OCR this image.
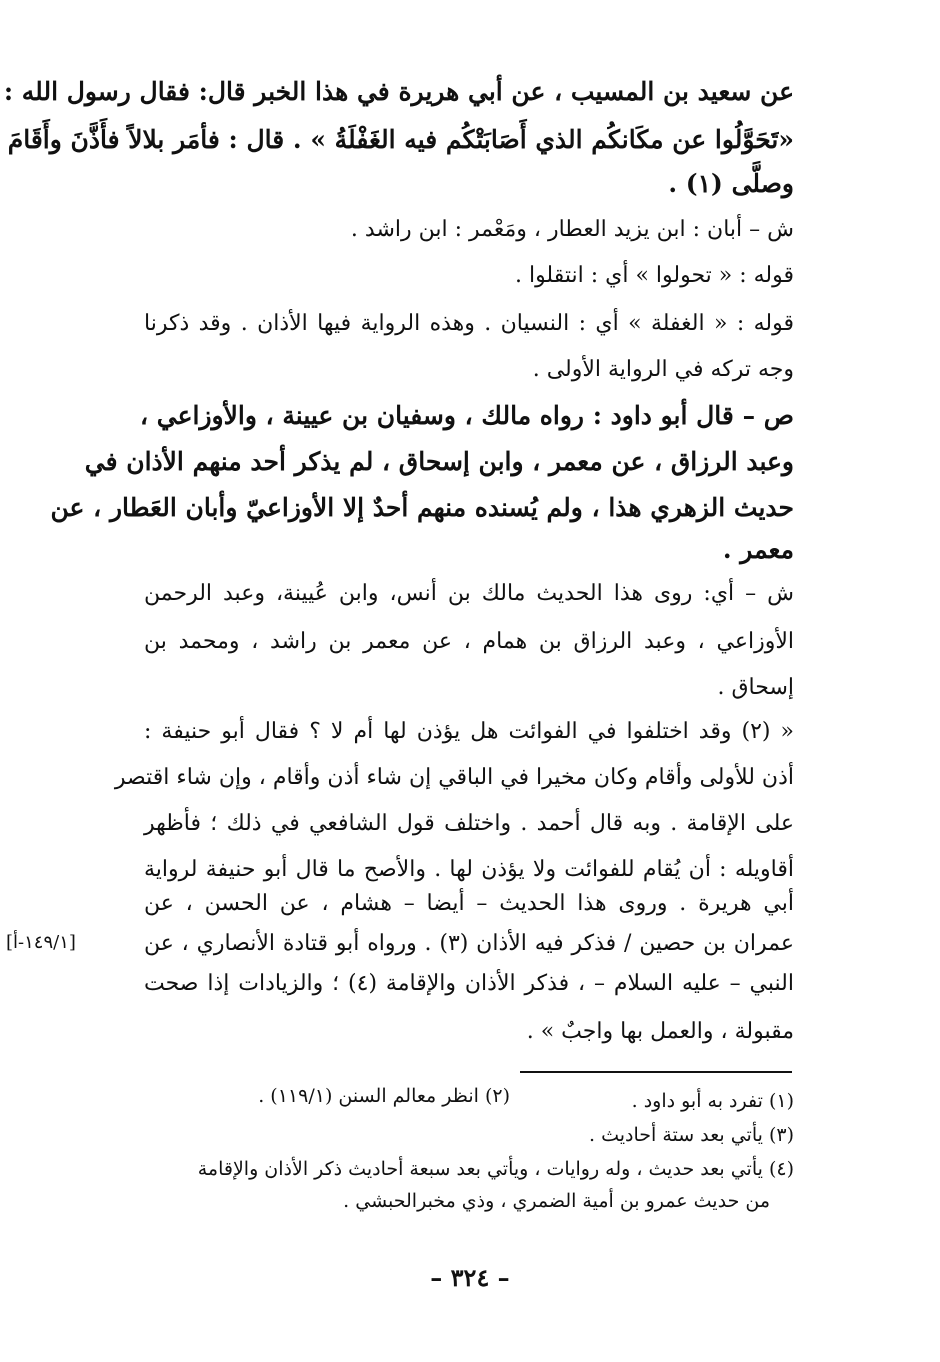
عن سعيد بن المسيب ، عن أبي هريرة في هذا الخبر قال: فقال رسول الله :
«تَحَوَّلُوا عن مكَانكُم الذي أَصَابَتْكُم فيه الغَفْلَةُ » . قال : فأمَر بلالاً فأَذَّنَ وأَقَامَ
وصلَّى (١) .
ش – أبان : ابن يزيد العطار ، ومَعْمر : ابن راشد .
قوله : « تحولوا » أي : انتقلوا .
قوله : « الغفلة » أي : النسيان . وهذه الرواية فيها الأذان . وقد ذكرنا
وجه تركه في الرواية الأولى .
ص – قال أبو داود : رواه مالك ، وسفيان بن عيينة ، والأوزاعي ،
وعبد الرزاق ، عن معمر ، وابن إسحاق ، لم يذكر أحد منهم الأذان في
حديث الزهري هذا ، ولم يُسنده منهم أحدٌ إلا الأوزاعيّ وأبان العَطار ، عن
معمر .
ش – أي: روى هذا الحديث مالك بن أنس، وابن عُيينة، وعبد الرحمن
الأوزاعي ، وعبد الرزاق بن همام ، عن معمر بن راشد ، ومحمد بن
إسحاق .
« (٢) وقد اختلفوا في الفوائت هل يؤذن لها أم لا ؟ فقال أبو حنيفة :
أذن للأولى وأقام وكان مخيرا في الباقي إن شاء أذن وأقام ، وإن شاء اقتصر
على الإقامة . وبه قال أحمد . واختلف قول الشافعي في ذلك ؛ فأظهر
أقاويله : أن يُقام للفوائت ولا يؤذن لها . والأصح ما قال أبو حنيفة لرواية
أبي هريرة . وروى هذا الحديث – أيضا – هشام ، عن الحسن ، عن
عمران بن حصين / فذكر فيه الأذان (٣) . ورواه أبو قتادة الأنصاري ، عن
النبي – عليه السلام – ، فذكر الأذان والإقامة (٤) ؛ والزيادات إذا صحت
مقبولة ، والعمل بها واجبٌ » .
[١٤٩/١-أ]
(١) تفرد به أبو داود .
(٢) انظر معالم السنن (١١٩/١) .
(٣) يأتي بعد ستة أحاديث .
(٤) يأتي بعد حديث ، وله روايات ، ويأتي بعد سبعة أحاديث ذكر الأذان والإقامة
من حديث عمرو بن أمية الضمري ، وذي مخبرالحبشي .
– ٣٢٤ –
